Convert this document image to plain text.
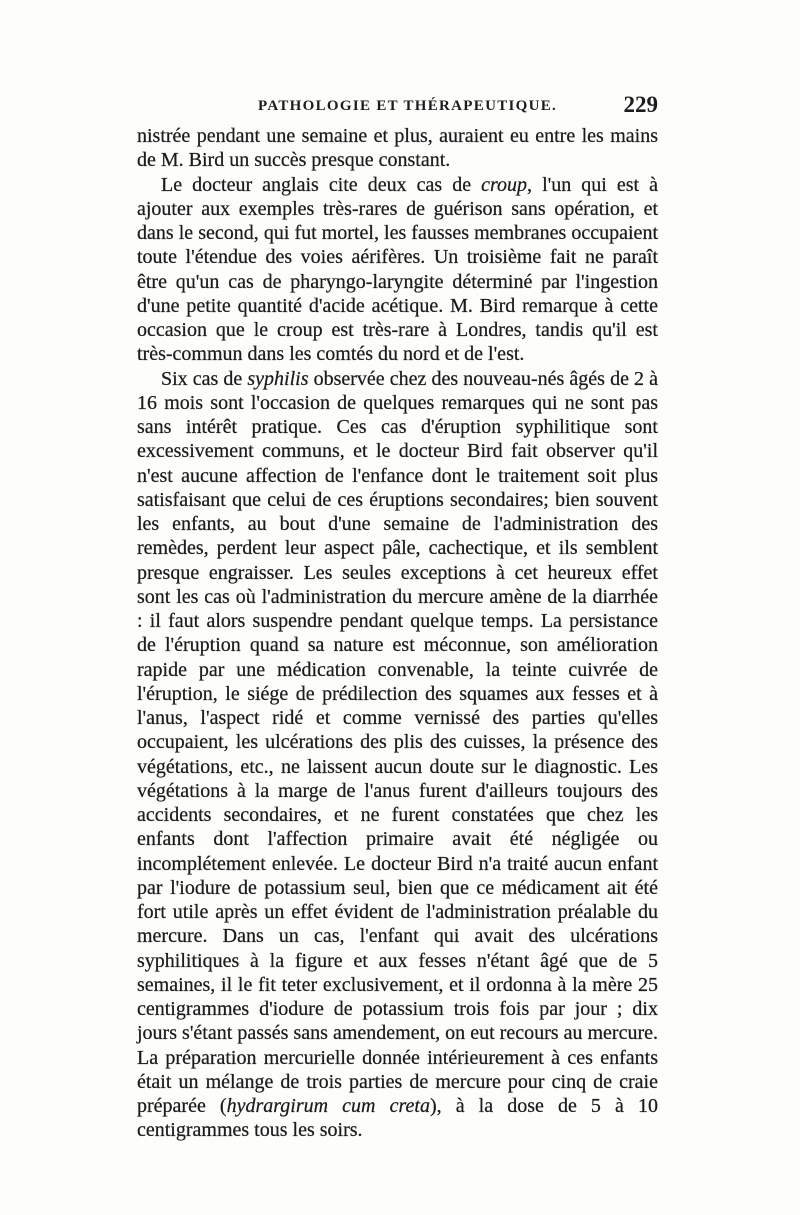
PATHOLOGIE ET THÉRAPEUTIQUE.	229

nistrée pendant une semaine et plus, auraient eu entre les mains de M. Bird un succès presque constant.

Le docteur anglais cite deux cas de croup, l'un qui est à ajouter aux exemples très-rares de guérison sans opération, et dans le second, qui fut mortel, les fausses membranes occupaient toute l'étendue des voies aérifères. Un troisième fait ne paraît être qu'un cas de pharyngo-laryngite déterminé par l'ingestion d'une petite quantité d'acide acétique. M. Bird remarque à cette occasion que le croup est très-rare à Londres, tandis qu'il est très-commun dans les comtés du nord et de l'est.

Six cas de syphilis observée chez des nouveau-nés âgés de 2 à 16 mois sont l'occasion de quelques remarques qui ne sont pas sans intérêt pratique. Ces cas d'éruption syphilitique sont excessivement communs, et le docteur Bird fait observer qu'il n'est aucune affection de l'enfance dont le traitement soit plus satisfaisant que celui de ces éruptions secondaires; bien souvent les enfants, au bout d'une semaine de l'administration des remèdes, perdent leur aspect pâle, cachectique, et ils semblent presque engraisser. Les seules exceptions à cet heureux effet sont les cas où l'administration du mercure amène de la diarrhée : il faut alors suspendre pendant quelque temps. La persistance de l'éruption quand sa nature est méconnue, son amélioration rapide par une médication convenable, la teinte cuivrée de l'éruption, le siége de prédilection des squames aux fesses et à l'anus, l'aspect ridé et comme vernissé des parties qu'elles occupaient, les ulcérations des plis des cuisses, la présence des végétations, etc., ne laissent aucun doute sur le diagnostic. Les végétations à la marge de l'anus furent d'ailleurs toujours des accidents secondaires, et ne furent constatées que chez les enfants dont l'affection primaire avait été négligée ou incomplétement enlevée. Le docteur Bird n'a traité aucun enfant par l'iodure de potassium seul, bien que ce médicament ait été fort utile après un effet évident de l'administration préalable du mercure. Dans un cas, l'enfant qui avait des ulcérations syphilitiques à la figure et aux fesses n'étant âgé que de 5 semaines, il le fit teter exclusivement, et il ordonna à la mère 25 centigrammes d'iodure de potassium trois fois par jour ; dix jours s'étant passés sans amendement, on eut recours au mercure. La préparation mercurielle donnée intérieurement à ces enfants était un mélange de trois parties de mercure pour cinq de craie préparée (hydrargirum cum creta), à la dose de 5 à 10 centigrammes tous les soirs.
